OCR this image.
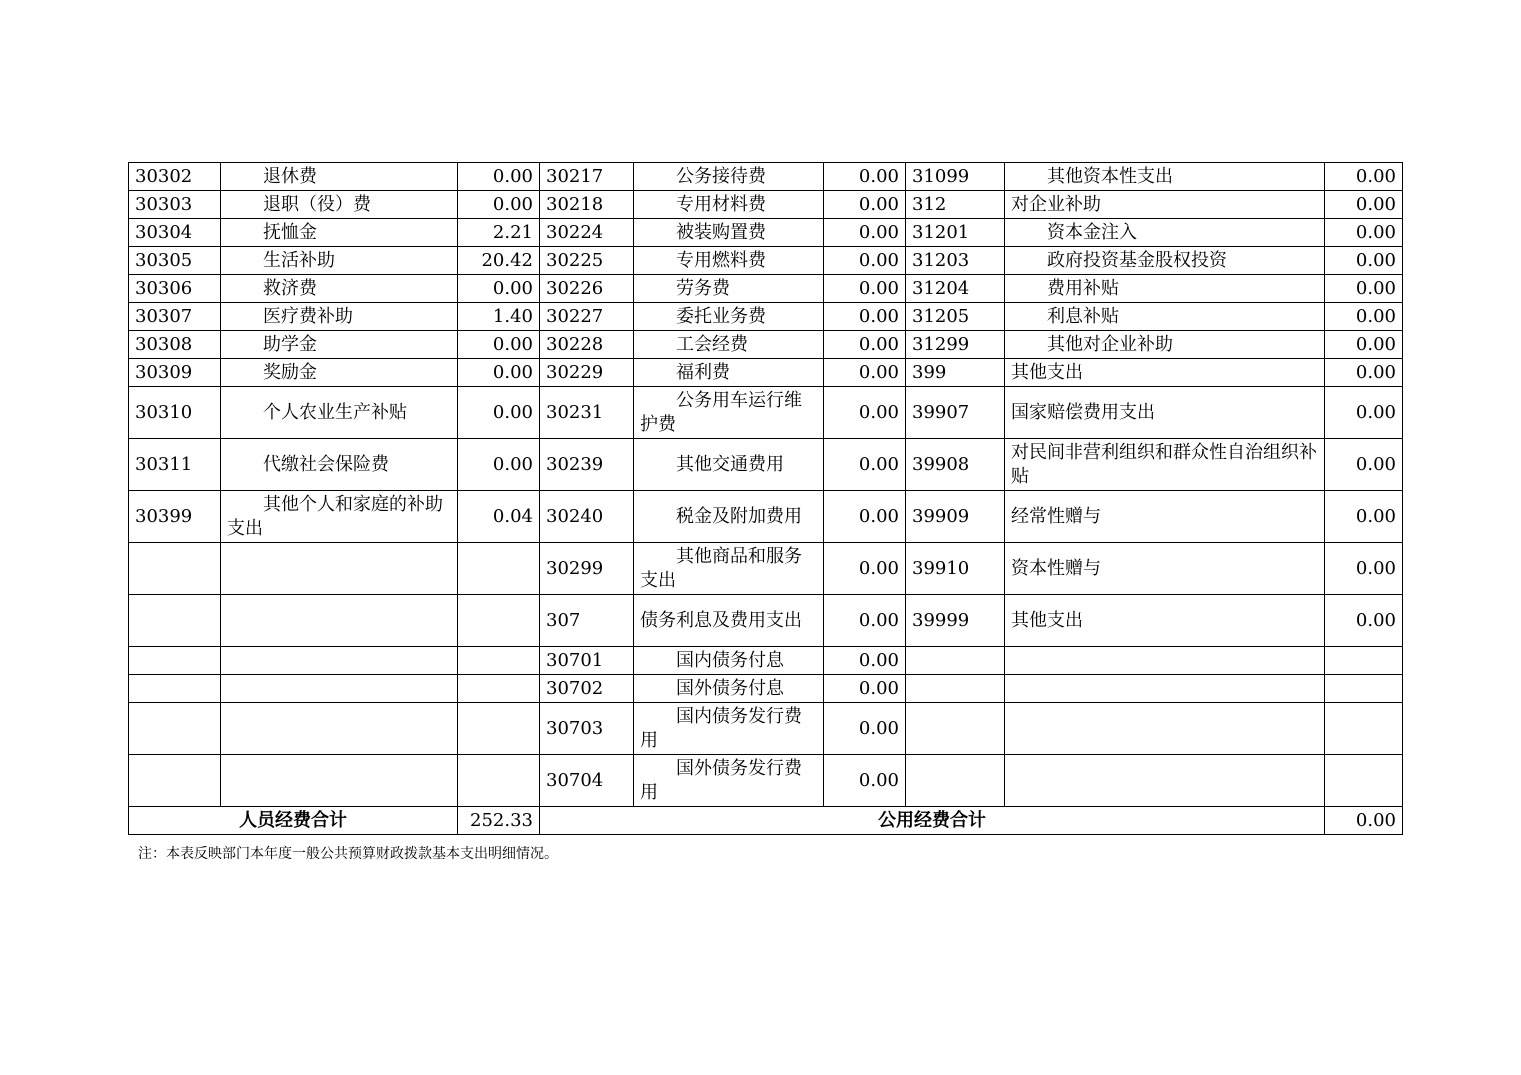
30302	退休费	0.00	30217	公务接待费	0.00	31099	其他资本性支出	0.00
30303	退职（役）费	0.00	30218	专用材料费	0.00	312	对企业补助	0.00
30304	抚恤金	2.21	30224	被装购置费	0.00	31201	资本金注入	0.00
30305	生活补助	20.42	30225	专用燃料费	0.00	31203	政府投资基金股权投资	0.00
30306	救济费	0.00	30226	劳务费	0.00	31204	费用补贴	0.00
30307	医疗费补助	1.40	30227	委托业务费	0.00	31205	利息补贴	0.00
30308	助学金	0.00	30228	工会经费	0.00	31299	其他对企业补助	0.00
30309	奖励金	0.00	30229	福利费	0.00	399	其他支出	0.00
30310	个人农业生产补贴	0.00	30231	公务用车运行维护费	0.00	39907	国家赔偿费用支出	0.00
30311	代缴社会保险费	0.00	30239	其他交通费用	0.00	39908	对民间非营利组织和群众性自治组织补贴	0.00
30399	其他个人和家庭的补助支出	0.04	30240	税金及附加费用	0.00	39909	经常性赠与	0.00
			30299	其他商品和服务支出	0.00	39910	资本性赠与	0.00
			307	债务利息及费用支出	0.00	39999	其他支出	0.00
			30701	国内债务付息	0.00			
			30702	国外债务付息	0.00			
			30703	国内债务发行费用	0.00			
			30704	国外债务发行费用	0.00			
人员经费合计		252.33	公用经费合计					0.00
注：本表反映部门本年度一般公共预算财政拨款基本支出明细情况。
